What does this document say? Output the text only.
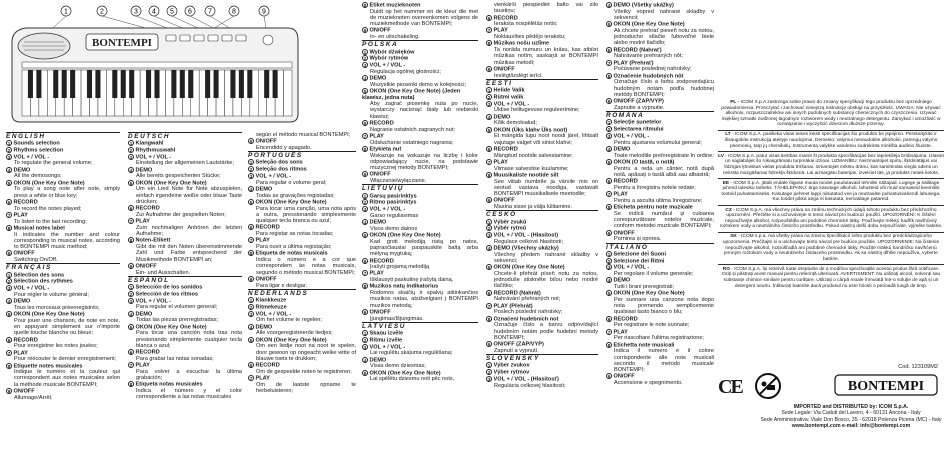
1	2	3 4 5 6 7	8	9
BONTEMPI

ENGLISH

1 Sounds selection

2 Rhythms selection

3 VOL + / VOL -

To regulate the general volume;

4 DEMO

All the demosongs;

5 OKON (One Key One Note)

To play a song note after note, simply press a white or blue key;

6 RECORD

To record the notes played;

7 PLAY

To listen to the last recording;

8 Musical notes label

It indicates the number and colour corresponding to musical notes, according to BONTEMPI music method;

9 ON/OFF

Switching On/Off.

FRANÇAIS

1 Sélection des sons

2 Sélection des rythmes

3 VOL + / VOL -

Pour régler le volume général;

4 DEMO

Tous les morceaux préenregistrés;

5 OKON (One Key One Note)

Pour jouer une chanson, de note en note, en appuyant simplement sur n'importe quelle touche blanche ou bleue;

6 RECORD

Pour enregistrer les notes jouées;

7 PLAY

Pour réécouter le dernier enregistrement;

8 Etiquette notes musicales

Indique le numéro et la couleur qui correspondent aux notes musicales selon la méthode musicale BONTEMPI;

9 ON/OFF

Allumage/Arrêt.

DEUTSCH

1 Klangwahl

2 Rhythmuswahl

3 VOL + / VOL -

Einstellung der allgemeinen Lautstärke;

4 DEMO

Alle bereits gespeicherten Stücke;

5 OKON (One Key One Note)

Um ein Lied Note für Note abzuspielen, einfach irgendeine weiße oder blaue Taste drücken;

6 RECORD

Zur Aufnahme der gespielten Noten;

7 PLAY

Zum nochmaligen Anhören der letzten Aufnahme;

8 Noten-Etikett

Gibt die mit den Noten übereinstimmende Zahl und Farbe entsprechend der Musikmethode BONTEMPI an;

9 ON/OFF

Ein- und Ausschalten.

ESPAÑOL

1 Selección de los sonidos

2 Selección de los ritmos

3 VOL + / VOL -

Para regular el volumen general;

4 DEMO

Todas las piezas prerregistradas;

5 OKON (One Key One Note)

Para tocar una canción nota tras nota presionando simplemente cualquier tecla blanca o azul;

6 RECORD

Para grabar las notas sonadas;

7 PLAY

Para volver a escuchar la última grabación;

8 Etiqueta notas musicales

Indica el número y el color correspondiente a las notas musicales

según el método musical BONTEMPI;

9 ON/OFF

Encendido y apagado.

PORTUGUÊS

1 Seleção dos sons

2 Seleção dos ritmos

3 VOL + / VOL -

Para regular o volume geral;

4 DEMO

Todas as gravações registadas;

5 OKON (One Key One Note)

Para tocar uma canção, uma nota após a outra, pressionando simplesmente qualquer tecla branca ou azul;

6 RECORD

Para registar as notas tocadas;

7 PLAY

Para ouvir a última registação;

8 Etiqueta de notas musicais

Indica o número e a cor que correspondem às notas musicais, segundo o método musical BONTEMPI;

9 ON/OFF

Para ligar e desligar.

NEDERLANDS

1 Klankkeuze

2 Ritmekeuze

3 VOL + / VOL -

Om het volume te regelen;

4 DEMO

Alle voorgeregistreerde liedjes;

5 OKON (One Key One Note)

Om een liedje noot na noot te spelen, door gewoon op ongeacht welke witte of blauwe toets te drukken;

6 RECORD

Om de gespeelde noten te registreren;

7 PLAY

Om de laatste opname te herbeluisteren;

8 Etiket muzieknoten

Duidt op het nummer en de kleur die met de muzieknoten overeenkomen volgens de muziekmethode van BONTEMPI;

9 ON/OFF

In- en uitschakeling.

POLSKA

1 Wybór dźwięków

2 Wybór rytmów

3 VOL + / VOL -

Regulacja ogólnej głośności;

4 DEMO

Wszystkie piosenki demo w kolejności;

5 OKON (One Key One Note) (Jeden klawisz, jedna nuta)

Aby zagrać piosenkę nuta po nucie, wystarczy nacisnąć biały lub niebieski klawisz;

6 RECORD

Nagranie ostatnich zagranych nut;

7 PLAY

Odsłuchanie ostatniego nagrania;

8 Etykieta nut

Wskazuje na wskazuje na liczbę i kolor odpowiadający nucie, na podstawie muzycznej metody BONTEMPI;

9 ON/OFF

Włączanie/wyłączanie.

LIETUVIŲ

1 Garsų pasirinktys

2 Ritmo pasirinktys

3 VOL + / VOL -

Garso reguliavimas

4 DEMO

Visos demo dainos

5 OKON (One Key One Note)

Kad groti melodiją natą po natos, paprasčiausiai paspauskite baltą arba mėlyną mygtuką;

6 RECORD

Įrašyti grojamą melodiją

7 PLAY

Išklausyti paskutinę įrašytą dainą.

8 Muzikos natų indikatorius

Rodomos skaičių ir spalvų atitinkančios muzikos natas, atsižvelgiant į BONTEMPI muzikos metodą;

9 ON/OFF

Įjungimas/Išjungimas.

LATVIEŠU

1 Skaņu izvēle

2 Ritmu izvēle

3 VOL + / VOL -

Lai regulētu skaļuma regulēšana;

4 DEMO

Visas demo dziesmas;

5 OKON (One Key One Note)

Lai spēlētu dziesmu noti pēc nots,

vienkārši piespiediet balto vai zilo taustiņu;

6 RECORD

Ierakstа nospēlētās notis;

7 PLAY

Noklausīties pēdējo ierakstu;

8 Mūzikas nošu uzlīme

Ta norāda numuru un krāsu, kas atbilst mūzikas notīm, saskaņā ar BONTEMPI mūzikas metodi;

9 ON/OFF

Ieslēgt/izslēgt ierīci.

EESTI

1 Helide Valik

2 Rütmi valik

3 VOL + / VOL -

Üldise helitugevuse reguleerimine;

4 DEMO

Kõik demoloalud;

5 OKON (Üks klahv Üks noot)

Et mängida lugu noot noodi järel, lihtsalt vajutage valget või sinist klahvi;

6 RECORD

Mängitud nootide salvestamine;

7 PLAY

Viimase salvestise kuulamine;

8 Muusikaliste nootide silt

See viitab numbrile ja värvile mis on seotud vastava noodiga, vastavalt BONTEMPI muusikalisele meetodile;

9 ON/OFF

Masina sisse ja välja lülitamine.

ČESKO

1 Výběr zvuků

2 Výběr rytmů

3 VOL + / VOL - (Hlasitost)

Regulace celkové hlasitosti;

4 DEMO (Všechny ukázky)

Všechny předem nahrané skladby v sekvenci;

5 OKON (One Key One Note)

Chcete-li přehrát píseň notu za notou, jednoduše stiskněte bílou nebo modré tlačítko;

6 RECORD (Nahrát)

Nahrávání přehraných not;

7 PLAY (Přehrát)

Poslech poslední nahrávky;

8 Označení hudebních not

Označuje číslo a barvu odpovídající hudebním notám podle hudební metody BONTEMPI;

9 ON/OFF (ZAP/VYP)

Zapnutí a vypnutí.

SLOVENSKÝ

1 Výber zvukov

2 Výber rytmov

3 VOL + / VOL - (Hlasitosť)

Regulácia celkovej hlasitosti;

4 DEMO (Všetky ukážky)

Všetky vopred nahrané skladby v sekvencii;

5 OKON (One Key One Note)

Ak chcete prehrať pieseň notu za notou, jednoducho stlačte ľubovoľné biele alebo modré tlačidlo;

6 RECORD (Nahrať)

Nahrávanie prehraných nôt;

7 PLAY (Prehrať)

Počúvanie poslednej nahrávky;

8 Označenie hudobných nôt

Označuje číslo a farbu zodpovedajúcu hudobným notám podľa hudobnej metódy BONTEMPI;

9 ON/OFF (ZAP/VYP)

Zapnutie a vypnutie.

ROMÂNĂ

1 Selecție sunetelor

2 Selectarea ritmului

3 VOL + / VOL -

Pentru ajustarea volumului general;

4 DEMO

Toate melodiile preînregistrate în ordine;

5 OKON (O tastă, o notă)

Pentru a reda un cântec notă după notă, apăsați o tastă albă sau albastră;

6 RECORD

Pentru a înregistra notele redate;

7 PLAY

Pentru a asculta ultima înregistrare;

8 Eticheta pentru note muzicale

Se indică numărul și culoarea corespunzătoare notelor muzicale, conform metodei muzicale BONTEMPI;

9 ON/OFF

Pornirea și oprirea.

ITALIANO

1 Selezione dei Suoni

2 Selezione dei Ritmi

3 VOL + / VOL -

Per regolare il volume generale;

4 DEMO

Tutti i brani preregistrati;

5 OKON (One Key One Note)

Per suonare una canzone nota dopo nota premendo semplicemente qualsiasi tasto bianco o blu;

6 RECORD

Per registrare le note suonate;

7 PLAY

Per riascoltare l'ultima registrazione;

8 Etichetta note musicali

Indica il numero e il colore corrispondente alle note musicali secondo il metodo musicale BONTEMPI;

9 ON/OFF

Accensione e spegnimento.

PL - ICOM S.p.A zastrzega sobie prawo do zmiany specyfikacji tego produktu bez uprzedniego powiadomienia. Przeczytać i zachować niniejszą instrukcję obsługi na przyszłość. UWAGA: Nie używać alkoholu, rozpuszczalników ani innych podobnych substancji chemicznych do czyszczenia. Używać miękkiej szmatki zwilżonej łagodnym roztworem wody i neutralnego detergentu. Zamykać i umożliwić w rozwiązanie i wyczyścić dzieciom dłuższe przerwy.

LT - ICOM S.p.A. pasilieka visas teises keisti specifikacijas šio produkto be įspėjimo. Perskaitykite ir išsaugokite instrukciją ateityje naudojimui. Demesio: valymui nenaudokite alkoholio, parengų valymo priemonių, tarp jų chemikalų. Instrumentą valykite vandeniu sudrėkinta minkšta audinio šluoste.

LV - ICOM S.p.A. patur visas tiesības mainīt šī produkta specifikācijas bez iepriekšēja brīdinājuma. Izlasiet un saglabājiet šo rokasgrāmatu turpmākai izziņai. UZMANĪBU: Neizmantojiet spirtu, šķīdinātājus vai līdzīgas ķīmiskas vielas produkta tīrīšanai. Izmantojiet mīkstu drānu, kas samitrināta viegla ūdens un neitrāla mazgāšanas līdzekļa šķīdumā. Lai aizsargātu baterijas, izvelciet tās, ja produkts netiek lietots.

EE - ICOM S.p.A. jätab endale õiguse muuta toodet puudutavaid tehnilisi näitajaid. Lugege ja säilitage juhend tuleviku tarbeks. TÄHELEPANU: ärge kasutage alkoholi, lahusteid või muid sarnaseid keemilisi tooteid puhastamiseks. Kasutage pehmet lappi niisutatud vee ja neutraalse puhastusvahendi lahusega. Kui toodet pikka aega ei kasutata, eemaldage patareid.

CZ - ICOM S.p.A. má všechny práva na změnu technických údajů tohoto produktu bez předchozího upozornění. Přečtěte si a uchovávejte si tento návod pro budoucí použití. UPOZORNĚNÍ: K čištění nepoužívejte alkohol, rozpouštědla ani podobné chemické látky. Používejte měkký hadřík navlhčený roztokem vody a neutrálního čisticího prostředku. Pokud nástroj delší dobu nepoužíváte, vyjměte baterie.

SK - ICOM s.p.a. má všetky práva na zmenu špecifikácií tohto produktu bez predchádzajúceho upozornenia. Prečítajte si a uschovajte tento návod pre budúce použitie. UPOZORNENIE: Na čistenie nepoužívajte alkohol, rozpúšťadlá ani podobné chemické látky. Použite mäkkú handričku navlhčenú jemným roztokom vody a neutrálneho čistiaceho prostriedku. Ak sa nástroj dlhšie nepoužíva, vyberte batérie.

RO - ICOM S.p.A. își rezervă toate drepturile de a modifica specificațiile acestui produs fără notificare. Citiți și păstrați acest manual pentru referință ulterioară. AVERTISMENT: Nu utilizați alcool, solvenți sau substanțe chimice similare pentru curățare. Utilizați o cârpă moale înmuiată într-o soluție de apă și un detergent neutru. Înlăturați bateriile dacă produsul nu este folosit o perioadă lungă de timp.

CE	BONTEMPI
IMPORTED and DISTRIBUTED by: ICOM S.p.A.
Sede Legale: Via Caduti del Lavoro, 4 - 60131 Ancona - Italy
Sede Amministrativa: Viale Don Bosco, 35 - 62018 Potenza Picena (MC) - Italy
www.bontempi.com e-mail: info@bontempi.com
Cod. 123109M2
